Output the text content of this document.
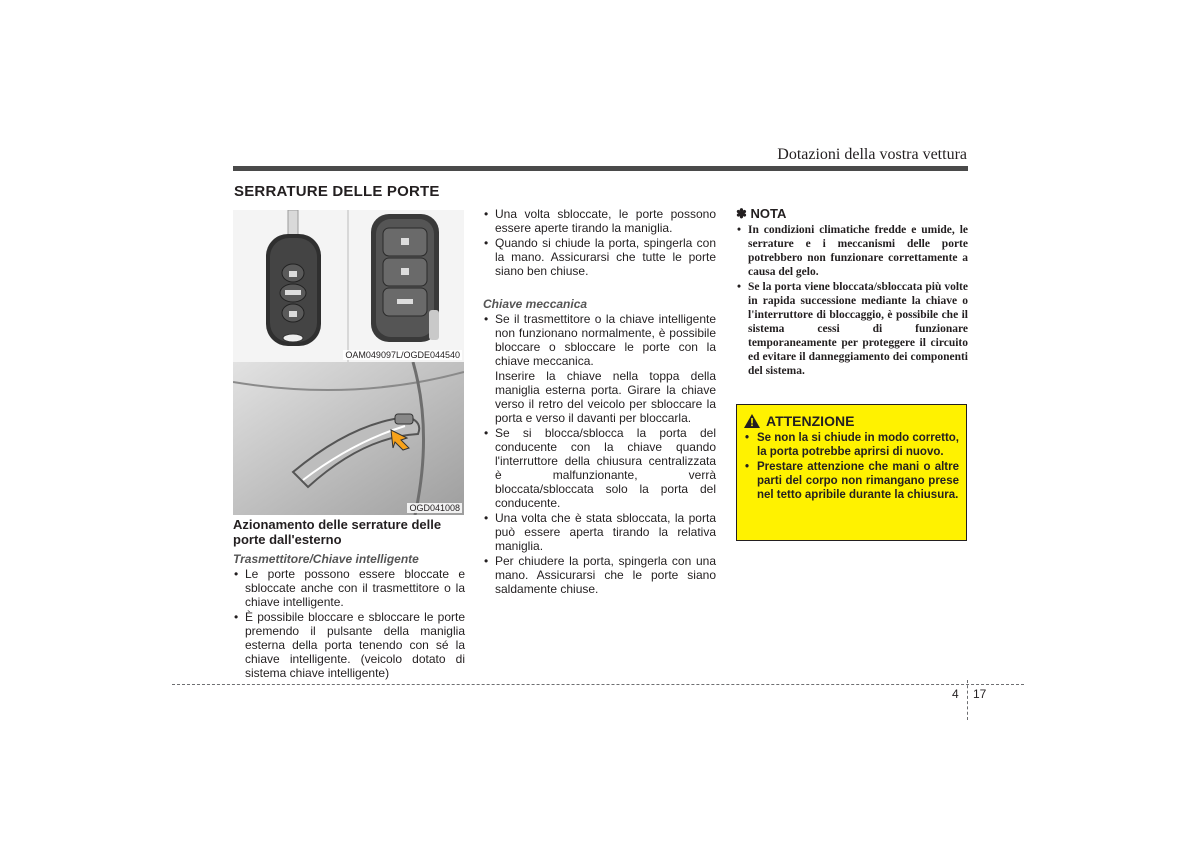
Dotazioni della vostra vettura
SERRATURE DELLE PORTE
OAM049097L/OGDE044540
OGD041008
Azionamento delle serrature delle porte dall'esterno
Trasmettitore/Chiave intelligente
• Le porte possono essere bloccate e sbloccate anche con il trasmettitore o la chiave intelligente.
• È possibile bloccare e sbloccare le porte premendo il pulsante della maniglia esterna della porta tenendo con sé la chiave intelligente. (veicolo dotato di sistema chiave intelligente)
• Una volta sbloccate, le porte possono essere aperte tirando la maniglia.
• Quando si chiude la porta, spingerla con la mano. Assicurarsi che tutte le porte siano ben chiuse.
Chiave meccanica
• Se il trasmettitore o la chiave intelligente non funzionano normalmente, è possibile bloccare o sbloccare le porte con la chiave meccanica.
Inserire la chiave nella toppa della maniglia esterna porta. Girare la chiave verso il retro del veicolo per sbloccare la porta e verso il davanti per bloccarla.
• Se si blocca/sblocca la porta del conducente con la chiave quando l'interruttore della chiusura centralizzata è malfunzionante, verrà bloccata/sbloccata solo la porta del conducente.
• Una volta che è stata sbloccata, la porta può essere aperta tirando la relativa maniglia.
• Per chiudere la porta, spingerla con una mano. Assicurarsi che le porte siano saldamente chiuse.
✽ NOTA
• In condizioni climatiche fredde e umide, le serrature e i meccanismi delle porte potrebbero non funzionare correttamente a causa del gelo.
• Se la porta viene bloccata/sbloccata più volte in rapida successione mediante la chiave o l'interruttore di bloccaggio, è possibile che il sistema cessi di funzionare temporaneamente per proteggere il circuito ed evitare il danneggiamento dei componenti del sistema.
ATTENZIONE
• Se non la si chiude in modo corretto, la porta potrebbe aprirsi di nuovo.
• Prestare attenzione che mani o altre parti del corpo non rimangano prese nel tetto apribile durante la chiusura.
4 17
